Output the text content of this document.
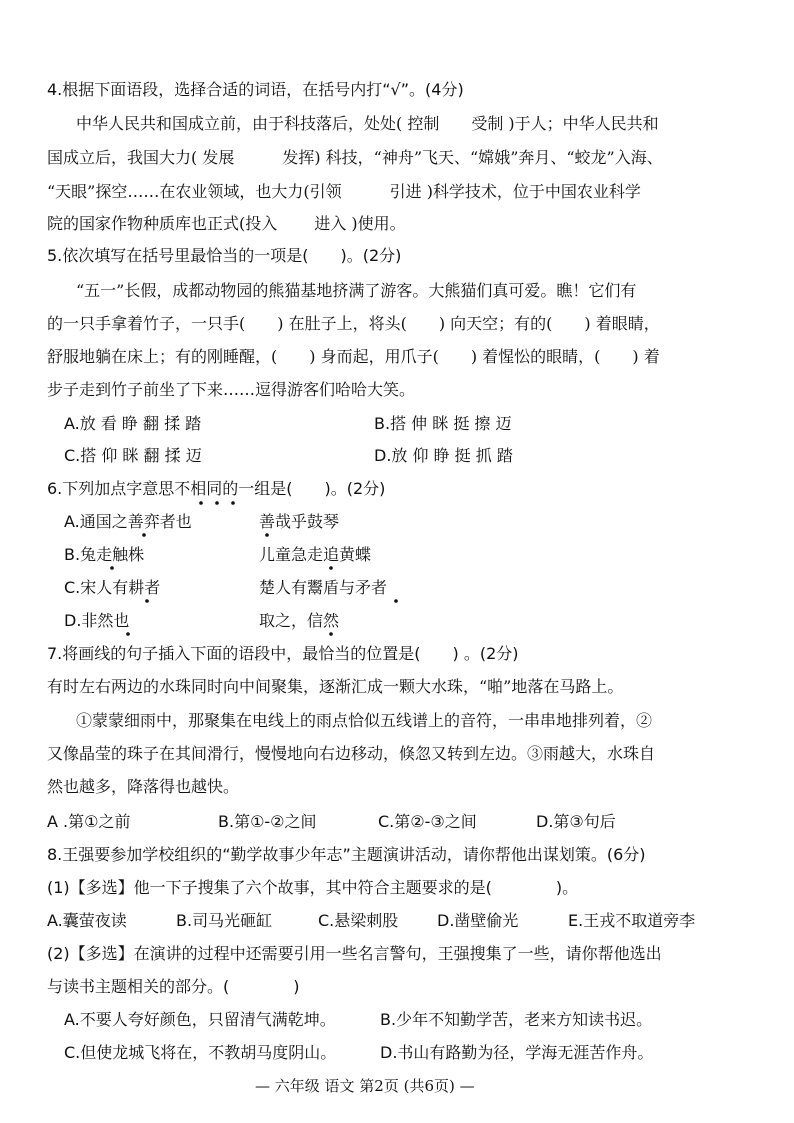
4.根据下面语段，选择合适的词语，在括号内打“√”。(4分)
中华人民共和国成立前，由于科技落后，处处( 控制　　受制 )于人；中华人民共和
国成立后，我国大力( 发展　　　发挥) 科技，“神舟”飞天、“嫦娥”奔月、“蛟龙”入海、
“天眼”探空……在农业领域，也大力(引领　　　引进 )科学技术，位于中国农业科学
院的国家作物种质库也正式(投入　　 进入 )使用。
5.依次填写在括号里最恰当的一项是(　　)。(2分)
“五一”长假，成都动物园的熊猫基地挤满了游客。大熊猫们真可爱。瞧！它们有
的一只手拿着竹子，一只手(　　) 在肚子上，将头(　　) 向天空；有的(　　) 着眼睛，
舒服地躺在床上；有的刚睡醒，(　　) 身而起，用爪子(　　) 着惺忪的眼睛，(　　) 着
步子走到竹子前坐了下来……逗得游客们哈哈大笑。
A.放 看 睁 翻 揉 踏	B.搭 伸 眯 挺 擦 迈
C.搭 仰 眯 翻 揉 迈	D.放 仰 睁 挺 抓 踏
6.下列加点字意思不相同的一组是(　　)。(2分)
A.通国之善弈者也	善哉乎鼓琴
B.兔走触株	儿童急走追黄蝶
C.宋人有耕者	楚人有鬻盾与矛者
D.非然也	取之，信然
7.将画线的句子插入下面的语段中，最恰当的位置是(　　) 。(2分)
有时左右两边的水珠同时向中间聚集，逐渐汇成一颗大水珠，“啪”地落在马路上。
①蒙蒙细雨中，那聚集在电线上的雨点恰似五线谱上的音符，一串串地排列着，②
又像晶莹的珠子在其间滑行，慢慢地向右边移动，倏忽又转到左边。③雨越大，水珠自
然也越多，降落得也越快。
A .第①之前	B.第①-②之间	C.第②-③之间	D.第③句后
8.王强要参加学校组织的“勤学故事少年志”主题演讲活动，请你帮他出谋划策。(6分)
(1)【多选】他一下子搜集了六个故事，其中符合主题要求的是(　　　　)。
A.囊萤夜读	B.司马光砸缸	C.悬梁刺股 D.凿壁偷光	E.王戎不取道旁李
(2)【多选】在演讲的过程中还需要引用一些名言警句，王强搜集了一些，请你帮他选出
与读书主题相关的部分。(　　　　)
A.不要人夸好颜色，只留清气满乾坤。	B.少年不知勤学苦，老来方知读书迟。
C.但使龙城飞将在，不教胡马度阴山。	D.书山有路勤为径，学海无涯苦作舟。
— 六年级 语文 第2页 (共6页) —
